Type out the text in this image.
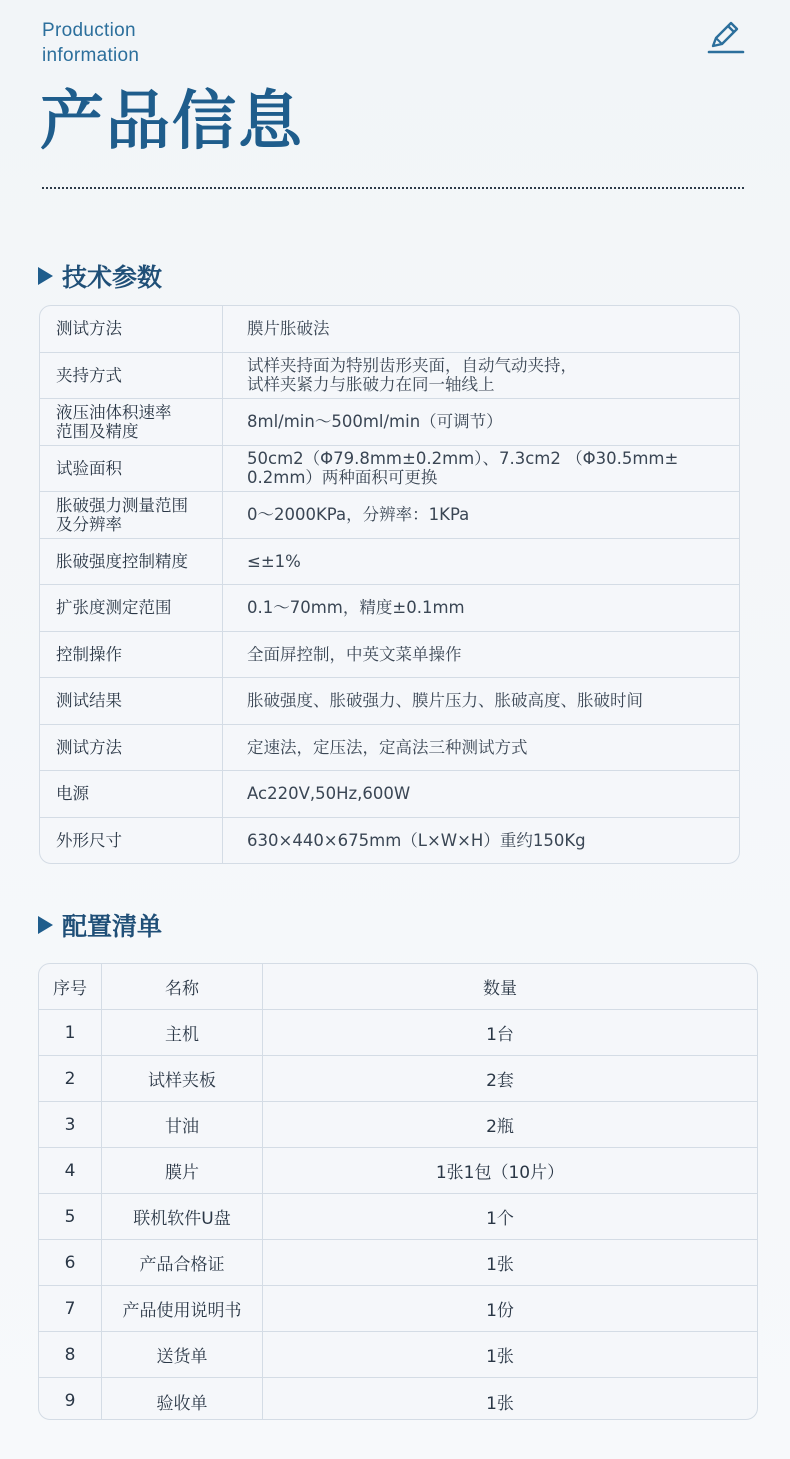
Production
information
产品信息
技术参数
测试方法	膜片胀破法
夹持方式	试样夹持面为特别齿形夹面，自动气动夹持，
试样夹紧力与胀破力在同一轴线上
液压油体积速率
范围及精度	8ml/min～500ml/min（可调节）
试验面积	50cm2（Φ79.8mm±0.2mm）、7.3cm2 （Φ30.5mm±
0.2mm）两种面积可更换
胀破强力测量范围
及分辨率	0～2000KPa，分辨率：1KPa
胀破强度控制精度	≤±1%
扩张度测定范围	0.1～70mm，精度±0.1mm
控制操作	全面屏控制，中英文菜单操作
测试结果	胀破强度、胀破强力、膜片压力、胀破高度、胀破时间
测试方法	定速法，定压法，定高法三种测试方式
电源	Ac220V,50Hz,600W
外形尺寸	630×440×675mm（L×W×H）重约150Kg
配置清单
序号	名称	数量
1	主机	1台
2	试样夹板	2套
3	甘油	2瓶
4	膜片	1张1包（10片）
5	联机软件U盘	1个
6	产品合格证	1张
7	产品使用说明书	1份
8	送货单	1张
9	验收单	1张
